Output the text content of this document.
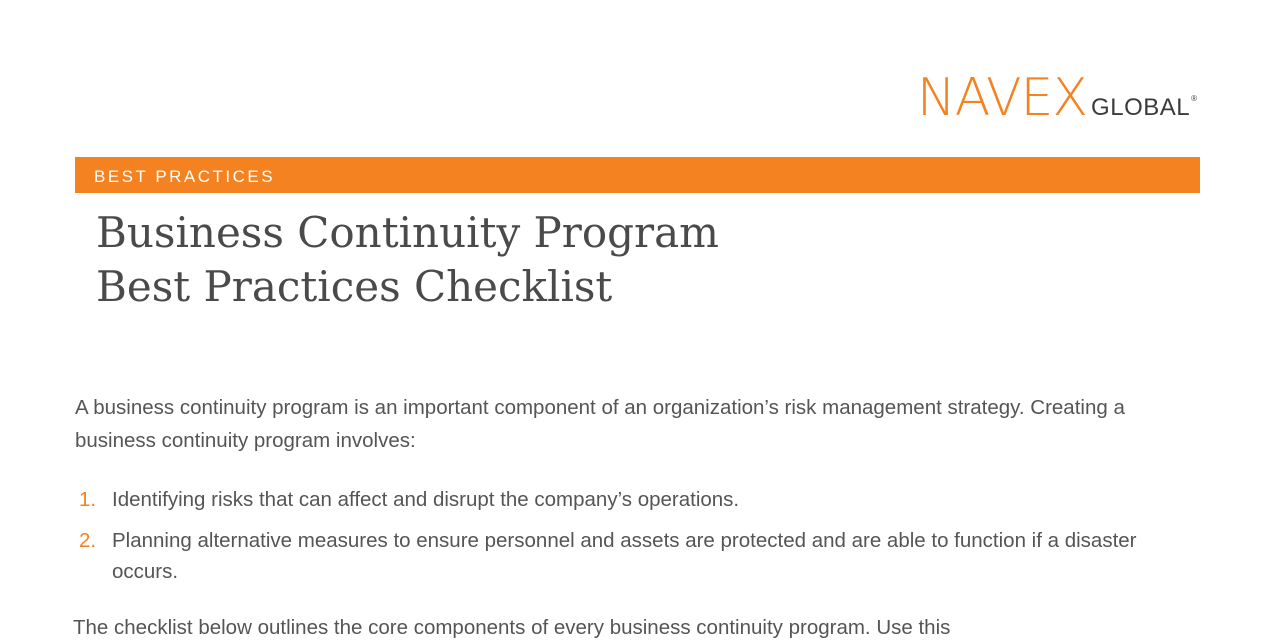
NAVEX GLOBAL ®
BEST PRACTICES
Business Continuity Program
Best Practices Checklist

A business continuity program is an important component of an organization’s risk management strategy. Creating a business continuity program involves:

1. Identifying risks that can affect and disrupt the company’s operations.
2. Planning alternative measures to ensure personnel and assets are protected and are able to function if a disaster occurs.

The checklist below outlines the core components of every business continuity program. Use this
